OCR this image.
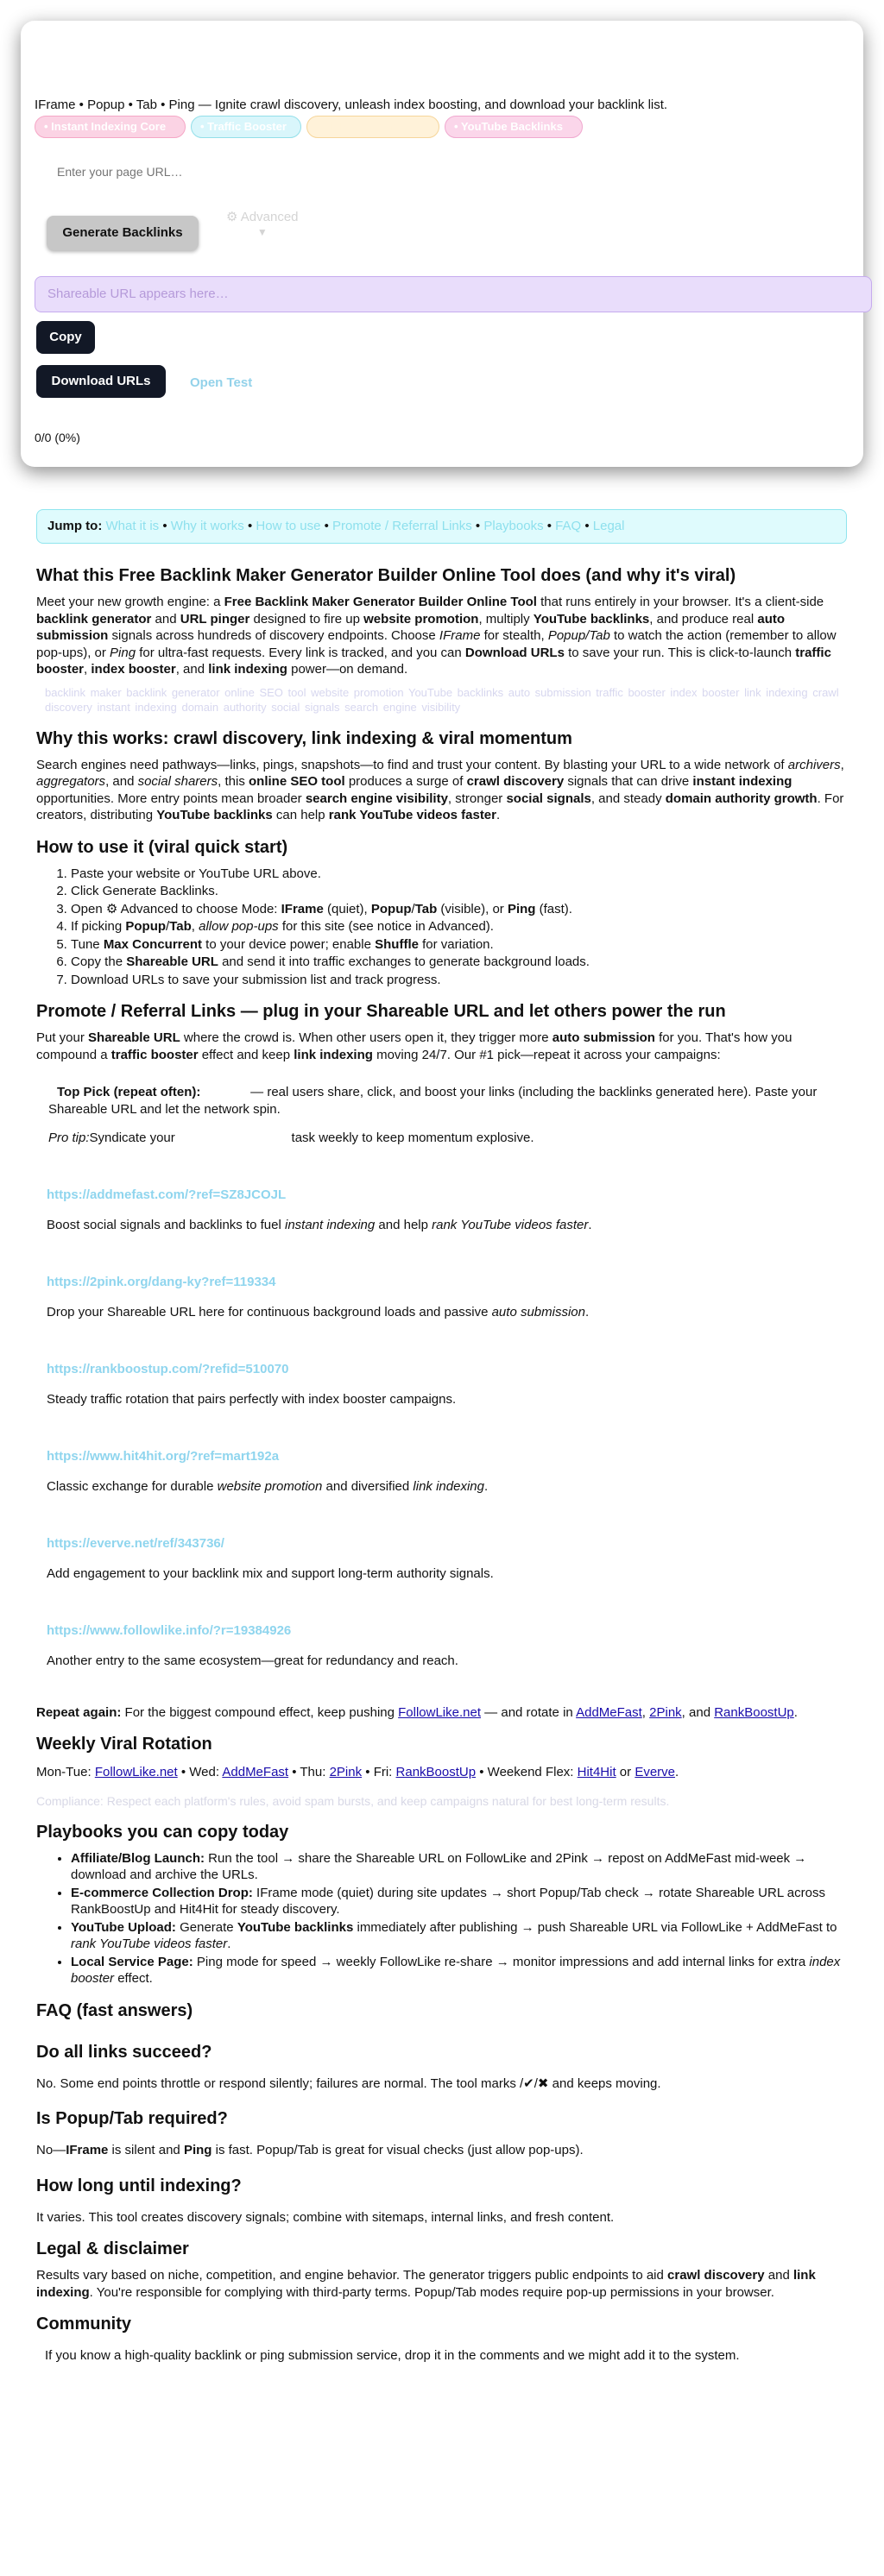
IFrame • Popup • Tab • Ping — Ignite crawl discovery, unleash index boosting, and download your backlink list.
• Instant Indexing Core	• Traffic Booster	• Link Detector	• YouTube Backlinks
Enter your page URL…
Generate Backlinks
⚙ Advanced
▼
Shareable URL appears here…
Copy
Download URLs	Open Test
0/0 (0%)
Jump to:
What it is • Why it works • How to use • Promote / Referral Links • Playbooks • FAQ • Legal
What this Free Backlink Maker Generator Builder Online Tool does (and why it's viral)

Meet your new growth engine: a Free Backlink Maker Generator Builder Online Tool that runs entirely in your browser. It's a client-side backlink generator and URL pinger designed to fire up website promotion, multiply YouTube backlinks, and produce real auto submission signals across hundreds of discovery endpoints. Choose IFrame for stealth, Popup/Tab to watch the action (remember to allow pop-ups), or Ping for ultra-fast requests. Every link is tracked, and you can Download URLs to save your run. This is click-to-launch traffic booster, index booster, and link indexing power—on demand.

backlink maker backlink generator online SEO tool website promotion YouTube backlinks auto submission traffic booster index booster link indexing crawl discovery instant indexing domain authority social signals search engine visibility
Why this works: crawl discovery, link indexing & viral momentum

Search engines need pathways—links, pings, snapshots—to find and trust your content. By blasting your URL to a wide network of archivers, aggregators, and social sharers, this online SEO tool produces a surge of crawl discovery signals that can drive instant indexing opportunities. More entry points mean broader search engine visibility, stronger social signals, and steady domain authority growth. For creators, distributing YouTube backlinks can help rank YouTube videos faster.

How to use it (viral quick start)
1. Paste your website or YouTube URL above.
2. Click Generate Backlinks.
3. Open ⚙ Advanced to choose Mode: IFrame (quiet), Popup/Tab (visible), or Ping (fast).
4. If picking Popup/Tab, allow pop-ups for this site (see notice in Advanced).
5. Tune Max Concurrent to your device power; enable Shuffle for variation.
6. Copy the Shareable URL and send it into traffic exchanges to generate background loads.
7. Download URLs to save your submission list and track progress.
Promote / Referral Links — plug in your Shareable URL and let others power the run

Put your Shareable URL where the crowd is. When other users open it, they trigger more auto submission for you. That's how you compound a traffic booster effect and keep link indexing moving 24/7. Our #1 pick—repeat it across your campaigns:

Top Pick (repeat often):	— real users share, click, and boost your links (including the backlinks generated here). Paste your Shareable URL and let the network spin.

Pro tip:Syndicate your	task weekly to keep momentum explosive.

https://addmefast.com/?ref=SZ8JCOJL

Boost social signals and backlinks to fuel instant indexing and help rank YouTube videos faster.

https://2pink.org/dang-ky?ref=119334

Drop your Shareable URL here for continuous background loads and passive auto submission.

https://rankboostup.com/?refid=510070

Steady traffic rotation that pairs perfectly with index booster campaigns.

https://www.hit4hit.org/?ref=mart192a

Classic exchange for durable website promotion and diversified link indexing.

https://everve.net/ref/343736/

Add engagement to your backlink mix and support long-term authority signals.

https://www.followlike.info/?r=19384926

Another entry to the same ecosystem—great for redundancy and reach.

Repeat again: For the biggest compound effect, keep pushing FollowLike.net — and rotate in AddMeFast, 2Pink, and RankBoostUp.

Weekly Viral Rotation

Mon-Tue: FollowLike.net • Wed: AddMeFast • Thu: 2Pink • Fri: RankBoostUp • Weekend Flex: Hit4Hit or Everve.

Compliance: Respect each platform's rules, avoid spam bursts, and keep campaigns natural for best long-term results.

Playbooks you can copy today
• Affiliate/Blog Launch: Run the tool → share the Shareable URL on FollowLike and 2Pink → repost on AddMeFast mid-week → download and archive the URLs.
• E-commerce Collection Drop: IFrame mode (quiet) during site updates → short Popup/Tab check → rotate Shareable URL across RankBoostUp and Hit4Hit for steady discovery.
• YouTube Upload: Generate YouTube backlinks immediately after publishing → push Shareable URL via FollowLike + AddMeFast to rank YouTube videos faster.
• Local Service Page: Ping mode for speed → weekly FollowLike re-share → monitor impressions and add internal links for extra index booster effect.
FAQ (fast answers)
Do all links succeed?

No. Some end points throttle or respond silently; failures are normal. The tool marks /✔/✖ and keeps moving.

Is Popup/Tab required?

No—IFrame is silent and Ping is fast. Popup/Tab is great for visual checks (just allow pop-ups).

How long until indexing?

It varies. This tool creates discovery signals; combine with sitemaps, internal links, and fresh content.

Legal & disclaimer

Results vary based on niche, competition, and engine behavior. The generator triggers public endpoints to aid crawl discovery and link indexing. You're responsible for complying with third-party terms. Popup/Tab modes require pop-up permissions in your browser.

Community

If you know a high-quality backlink or ping submission service, drop it in the comments and we might add it to the system.
